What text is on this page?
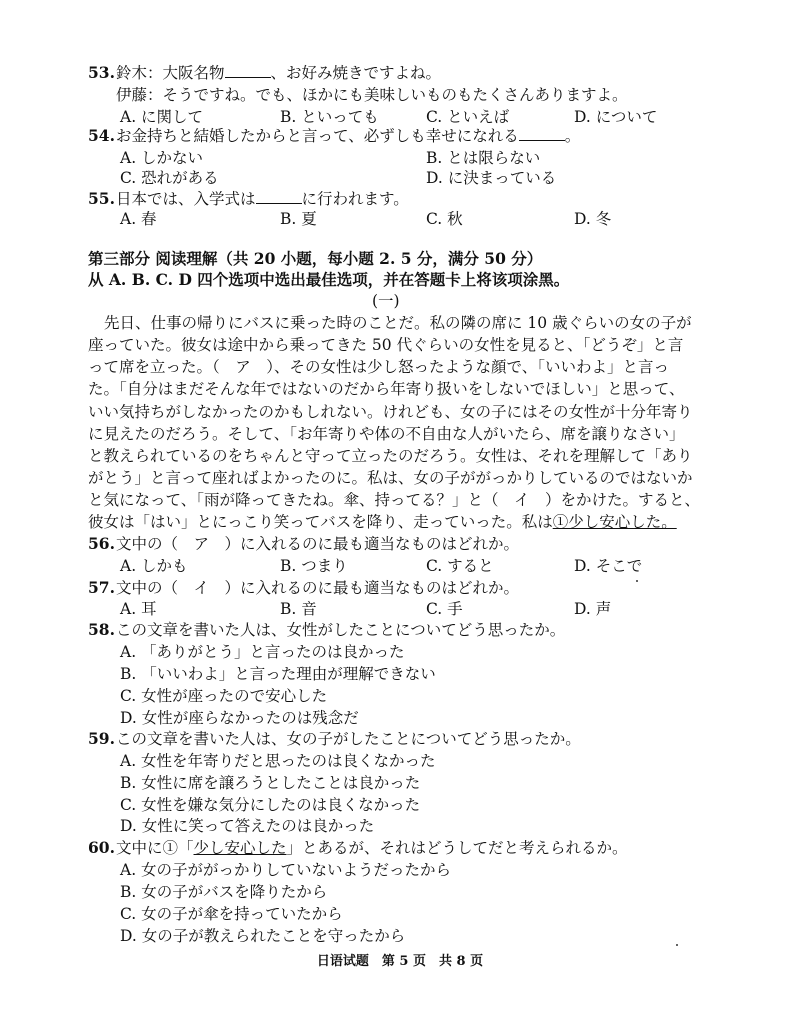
53.鈴木：大阪名物	、お好み焼きですよね。
伊藤：そうですね。でも、ほかにも美味しいものもたくさんありますよ。
A. に関して	B. といっても	C. といえば	D. について
54.お金持ちと結婚したからと言って、必ずしも幸せになれる	。
A. しかない	B. とは限らない
C. 恐れがある	D. に決まっている
55.日本では、入学式は	に行われます。
A. 春	B. 夏	C. 秋	D. 冬
第三部分 阅读理解（共 20 小题，每小题 2. 5 分，满分 50 分）
从 A. B. C. D 四个选项中选出最佳选项，并在答题卡上将该项涂黑。
(一)
先日、仕事の帰りにバスに乗った時のことだ。私の隣の席に 10 歳ぐらいの女の子が
座っていた。彼女は途中から乗ってきた 50 代ぐらいの女性を見ると、「どうぞ」と言
って席を立った。（　ア　）、その女性は少し怒ったような顔で、「いいわよ」と言っ
た。「自分はまだそんな年ではないのだから年寄り扱いをしないでほしい」と思って、
いい気持ちがしなかったのかもしれない。けれども、女の子にはその女性が十分年寄り
に見えたのだろう。そして、「お年寄りや体の不自由な人がいたら、席を譲りなさい」
と教えられているのをちゃんと守って立ったのだろう。女性は、それを理解して「あり
がとう」と言って座ればよかったのに。私は、女の子ががっかりしているのではないか
と気になって、「雨が降ってきたね。傘、持ってる？」と（　イ　）をかけた。すると、
彼女は「はい」とにっこり笑ってバスを降り、走っていった。私は①少し安心した。
56.文中の（　ア　）に入れるのに最も適当なものはどれか。
A. しかも	B. つまり	C. すると	D. そこで
57.文中の（　イ　）に入れるのに最も適当なものはどれか。
A. 耳	B. 音	C. 手	D. 声
58.この文章を書いた人は、女性がしたことについてどう思ったか。
A. 「ありがとう」と言ったのは良かった
B. 「いいわよ」と言った理由が理解できない
C. 女性が座ったので安心した
D. 女性が座らなかったのは残念だ
59.この文章を書いた人は、女の子がしたことについてどう思ったか。
A. 女性を年寄りだと思ったのは良くなかった
B. 女性に席を譲ろうとしたことは良かった
C. 女性を嫌な気分にしたのは良くなかった
D. 女性に笑って答えたのは良かった
60.文中に①「少し安心した」とあるが、それはどうしてだと考えられるか。
A. 女の子ががっかりしていないようだったから
B. 女の子がバスを降りたから
C. 女の子が傘を持っていたから
D. 女の子が教えられたことを守ったから
日语试题　第 5 页　共 8 页
